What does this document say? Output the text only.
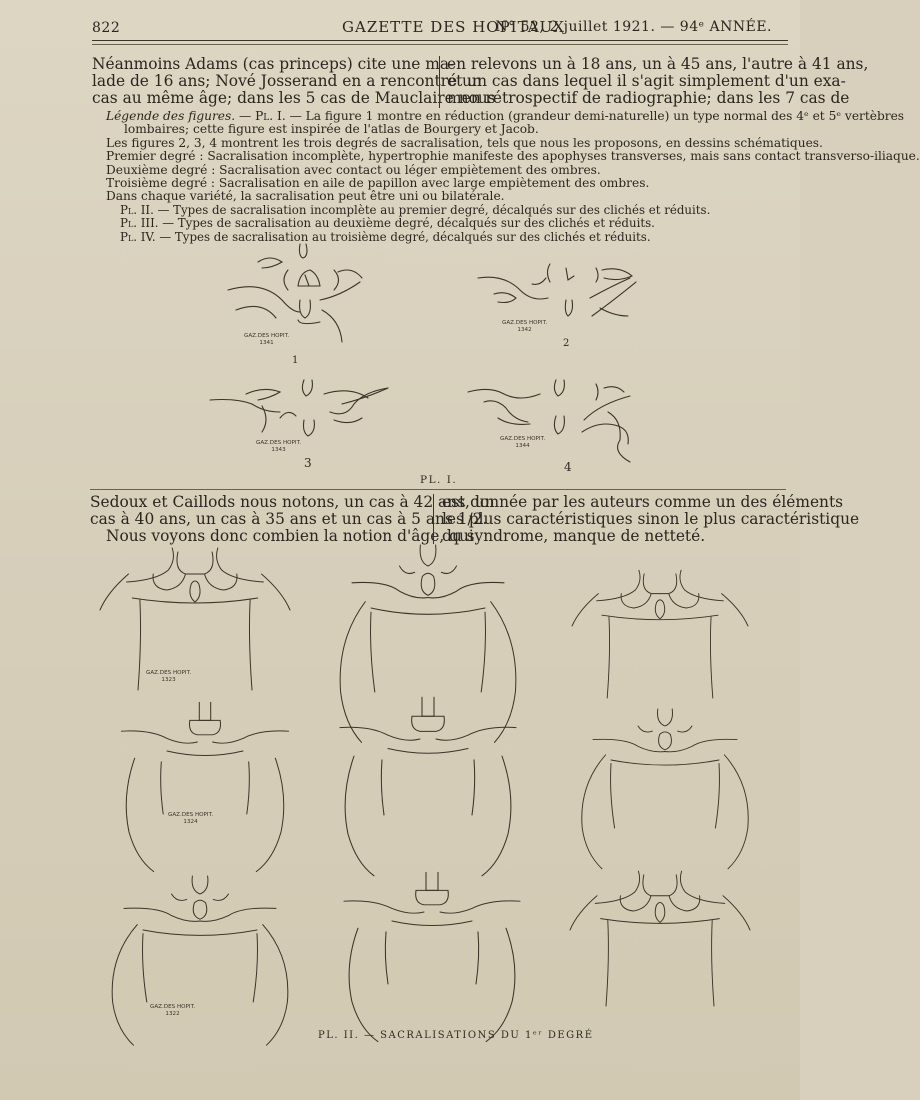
822	GAZETTE DES HOPITAUX
N° 52, 2 juillet 1921. — 94ᵉ ANNÉE.
Néanmoins Adams (cas princeps) cite une ma-
lade de 16 ans; Nové Josserand en a rencontré un
cas au même âge; dans les 5 cas de Mauclaire nous
en relevons un à 18 ans, un à 45 ans, l'autre à 41 ans,
et un cas dans lequel il s'agit simplement d'un exa-
men rétrospectif de radiographie; dans les 7 cas de
Légende des figures. — Pl. I. — La figure 1 montre en réduction (grandeur demi-naturelle) un type normal des 4ᵉ et 5ᵉ vertèbres
lombaires; cette figure est inspirée de l'atlas de Bourgery et Jacob.
Les figures 2, 3, 4 montrent les trois degrés de sacralisation, tels que nous les proposons, en dessins schématiques.
Premier degré : Sacralisation incomplète, hypertrophie manifeste des apophyses transverses, mais sans contact transverso-iliaque.
Deuxième degré : Sacralisation avec contact ou léger empiètement des ombres.
Troisième degré : Sacralisation en aile de papillon avec large empiètement des ombres.
Dans chaque variété, la sacralisation peut être uni ou bilatérale.
Pl. II. — Types de sacralisation incomplète au premier degré, décalqués sur des clichés et réduits.
Pl. III. — Types de sacralisation au deuxième degré, décalqués sur des clichés et réduits.
Pl. IV. — Types de sacralisation au troisième degré, décalqués sur des clichés et réduits.
GAZ.DES HOPIT.
1341
GAZ.DES HOPIT.
1342
GAZ.DES HOPIT.
1343
GAZ.DES HOPIT.
1344
1
2
3	4
PL. I.
Sedoux et Caillods nous notons, un cas à 42 ans, un
cas à 40 ans, un cas à 35 ans et un cas à 5 ans 1/2.
Nous voyons donc combien la notion d'âge, qui
est donnée par les auteurs comme un des éléments
les plus caractéristiques sinon le plus caractéristique
du syndrome, manque de netteté.
GAZ.DES HOPIT.
1323
GAZ.DES HOPIT.
1324
GAZ.DES HOPIT.
1322
PL. II. — SACRALISATIONS DU 1ᵉʳ DEGRÉ
